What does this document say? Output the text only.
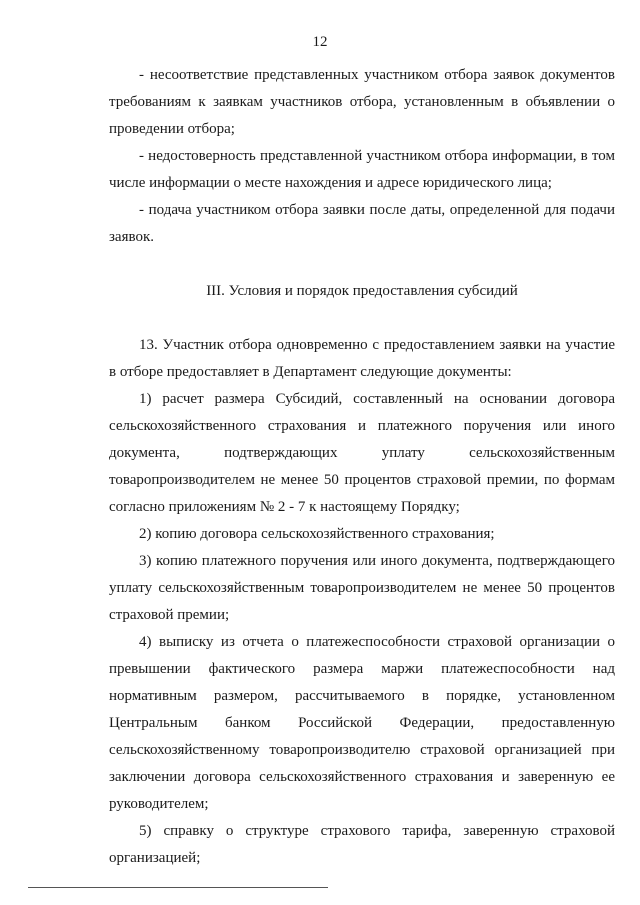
12

- несоответствие представленных участником отбора заявок документов требованиям к заявкам участников отбора, установленным в объявлении о проведении отбора;

- недостоверность представленной участником отбора информации, в том числе информации о месте нахождения и адресе юридического лица;

- подача участником отбора заявки после даты, определенной для подачи заявок.

III. Условия и порядок предоставления субсидий

13. Участник отбора одновременно с предоставлением заявки на участие в отборе предоставляет в Департамент следующие документы:

1) расчет размера Субсидий, составленный на основании договора сельскохозяйственного страхования и платежного поручения или иного документа, подтверждающих уплату сельскохозяйственным товаропроизводителем не менее 50 процентов страховой премии, по формам согласно приложениям № 2 - 7 к настоящему Порядку;

2) копию договора сельскохозяйственного страхования;

3) копию платежного поручения или иного документа, подтверждающего уплату сельскохозяйственным товаропроизводителем не менее 50 процентов страховой премии;

4) выписку из отчета о платежеспособности страховой организации о превышении фактического размера маржи платежеспособности над нормативным размером, рассчитываемого в порядке, установленном Центральным банком Российской Федерации, предоставленную сельскохозяйственному товаропроизводителю страховой организацией при заключении договора сельскохозяйственного страхования и заверенную ее руководителем;

5) справку о структуре страхового тарифа, заверенную страховой организацией;
